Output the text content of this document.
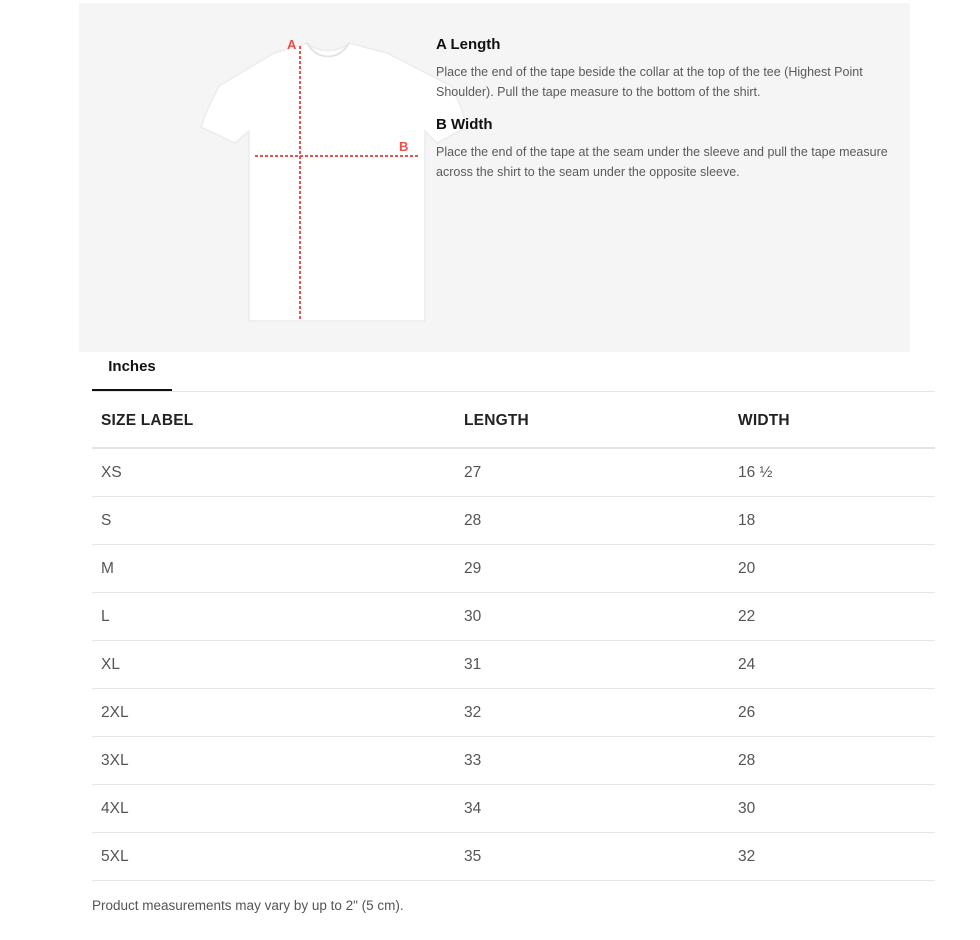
A
B
A Length

Place the end of the tape beside the collar at the top of the tee (Highest Point Shoulder). Pull the tape measure to the bottom of the shirt.

B Width

Place the end of the tape at the seam under the sleeve and pull the tape measure across the shirt to the seam under the opposite sleeve.

Inches
SIZE LABEL	LENGTH	WIDTH
XS	27	16 ½
S	28	18
M	29	20
L	30	22
XL	31	24
2XL	32	26
3XL	33	28
4XL	34	30
5XL	35	32
Product measurements may vary by up to 2" (5 cm).
